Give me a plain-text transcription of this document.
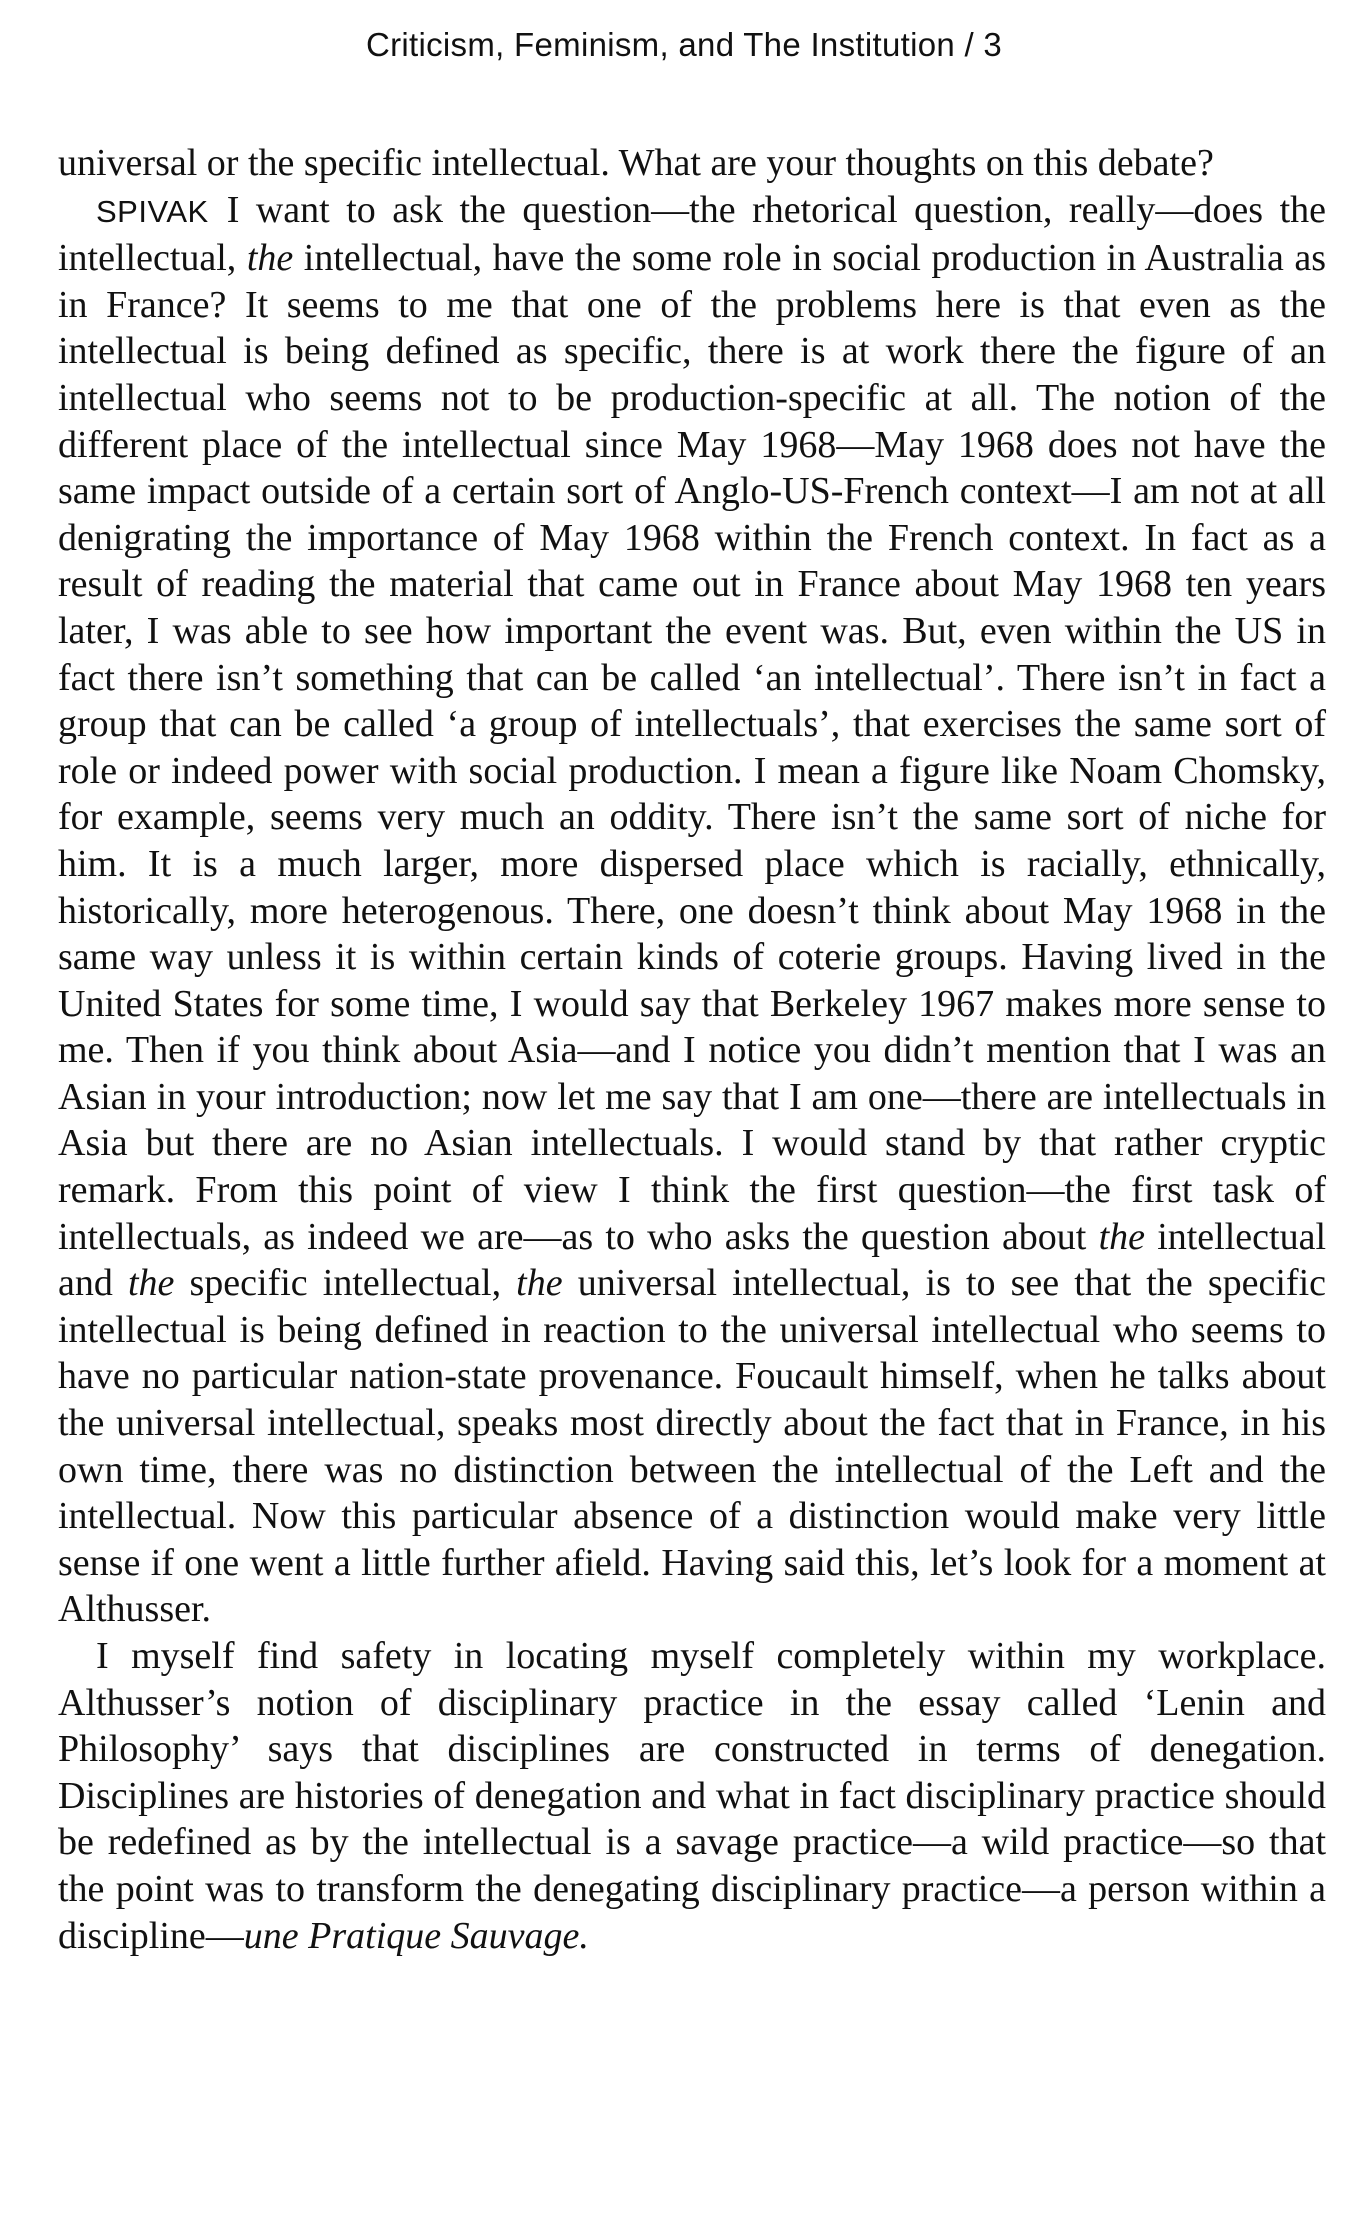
Criticism, Feminism, and The Institution / 3

universal or the specific intellectual. What are your thoughts on this debate?

SPIVAK I want to ask the question—the rhetorical question, really—does the intellectual, the intellectual, have the some role in social production in Australia as in France? It seems to me that one of the problems here is that even as the intellectual is being defined as specific, there is at work there the figure of an intellectual who seems not to be production-specific at all. The notion of the different place of the intellectual since May 1968—May 1968 does not have the same impact outside of a certain sort of Anglo-US-French context—I am not at all denigrating the importance of May 1968 within the French context. In fact as a result of reading the material that came out in France about May 1968 ten years later, I was able to see how important the event was. But, even within the US in fact there isn’t something that can be called ‘an intellectual’. There isn’t in fact a group that can be called ‘a group of intellectuals’, that exercises the same sort of role or indeed power with social production. I mean a figure like Noam Chomsky, for example, seems very much an oddity. There isn’t the same sort of niche for him. It is a much larger, more dispersed place which is racially, ethnically, historically, more heterogenous. There, one doesn’t think about May 1968 in the same way unless it is within certain kinds of coterie groups. Having lived in the United States for some time, I would say that Berkeley 1967 makes more sense to me. Then if you think about Asia—and I notice you didn’t mention that I was an Asian in your introduction; now let me say that I am one—there are intellectuals in Asia but there are no Asian intellectuals. I would stand by that rather cryptic remark. From this point of view I think the first question—the first task of intellectuals, as indeed we are—as to who asks the question about the intellectual and the specific intellectual, the universal intellectual, is to see that the specific intellectual is being defined in reaction to the universal intellectual who seems to have no particular nation-state provenance. Foucault himself, when he talks about the universal intellectual, speaks most directly about the fact that in France, in his own time, there was no distinction between the intellectual of the Left and the intellectual. Now this particular absence of a distinction would make very little sense if one went a little further afield. Having said this, let’s look for a moment at Althusser.

I myself find safety in locating myself completely within my workplace. Althusser’s notion of disciplinary practice in the essay called ‘Lenin and Philosophy’ says that disciplines are constructed in terms of denegation. Disciplines are histories of denegation and what in fact disciplinary practice should be redefined as by the intellectual is a savage practice—a wild practice—so that the point was to transform the denegating disciplinary practice—a person within a discipline—une Pratique Sauvage.
